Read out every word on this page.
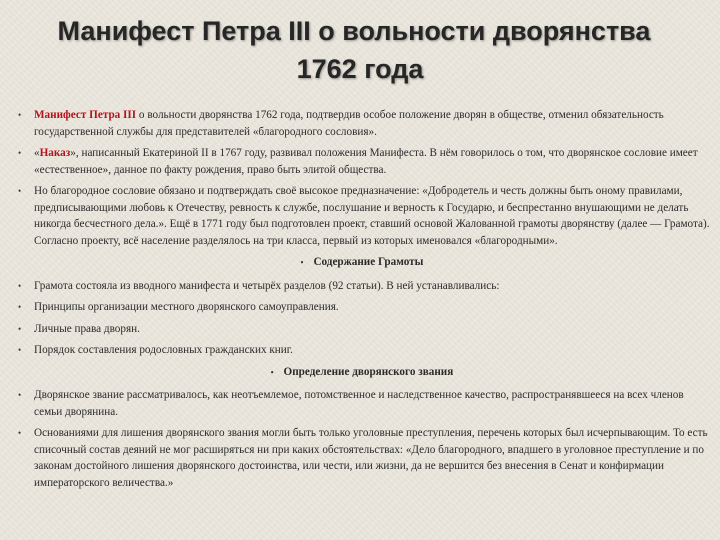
Манифест Петра III о вольности дворянства
1762 года
• Манифест Петра III о вольности дворянства 1762 года, подтвердив особое положение дворян в обществе, отменил обязательность государственной службы для представителей «благородного сословия».
• «Наказ», написанный Екатериной II в 1767 году, развивал положения Манифеста. В нём говорилось о том, что дворянское сословие имеет «естественное», данное по факту рождения, право быть элитой общества.
• Но благородное сословие обязано и подтверждать своё высокое предназначение: «Добродетель и честь должны быть оному правилами, предписывающими любовь к Отечеству, ревность к службе, послушание и верность к Государю, и беспрестанно внушающими не делать никогда бесчестного дела.». Ещё в 1771 году был подготовлен проект, ставший основой Жалованной грамоты дворянству (далее — Грамота). Согласно проекту, всё население разделялось на три класса, первый из которых именовался «благородными».
• Содержание Грамоты
• Грамота состояла из вводного манифеста и четырёх разделов (92 статьи). В ней устанавливались:
• Принципы организации местного дворянского самоуправления.
• Личные права дворян.
• Порядок составления родословных гражданских книг.
• Определение дворянского звания
• Дворянское звание рассматривалось, как неотъемлемое, потомственное и наследственное качество, распространявшееся на всех членов семьи дворянина.
• Основаниями для лишения дворянского звания могли быть только уголовные преступления, перечень которых был исчерпывающим. То есть списочный состав деяний не мог расширяться ни при каких обстоятельствах: «Дело благородного, впадшего в уголовное преступление и по законам достойного лишения дворянского достоинства, или чести, или жизни, да не вершится без внесения в Сенат и конфирмации императорского величества.»
